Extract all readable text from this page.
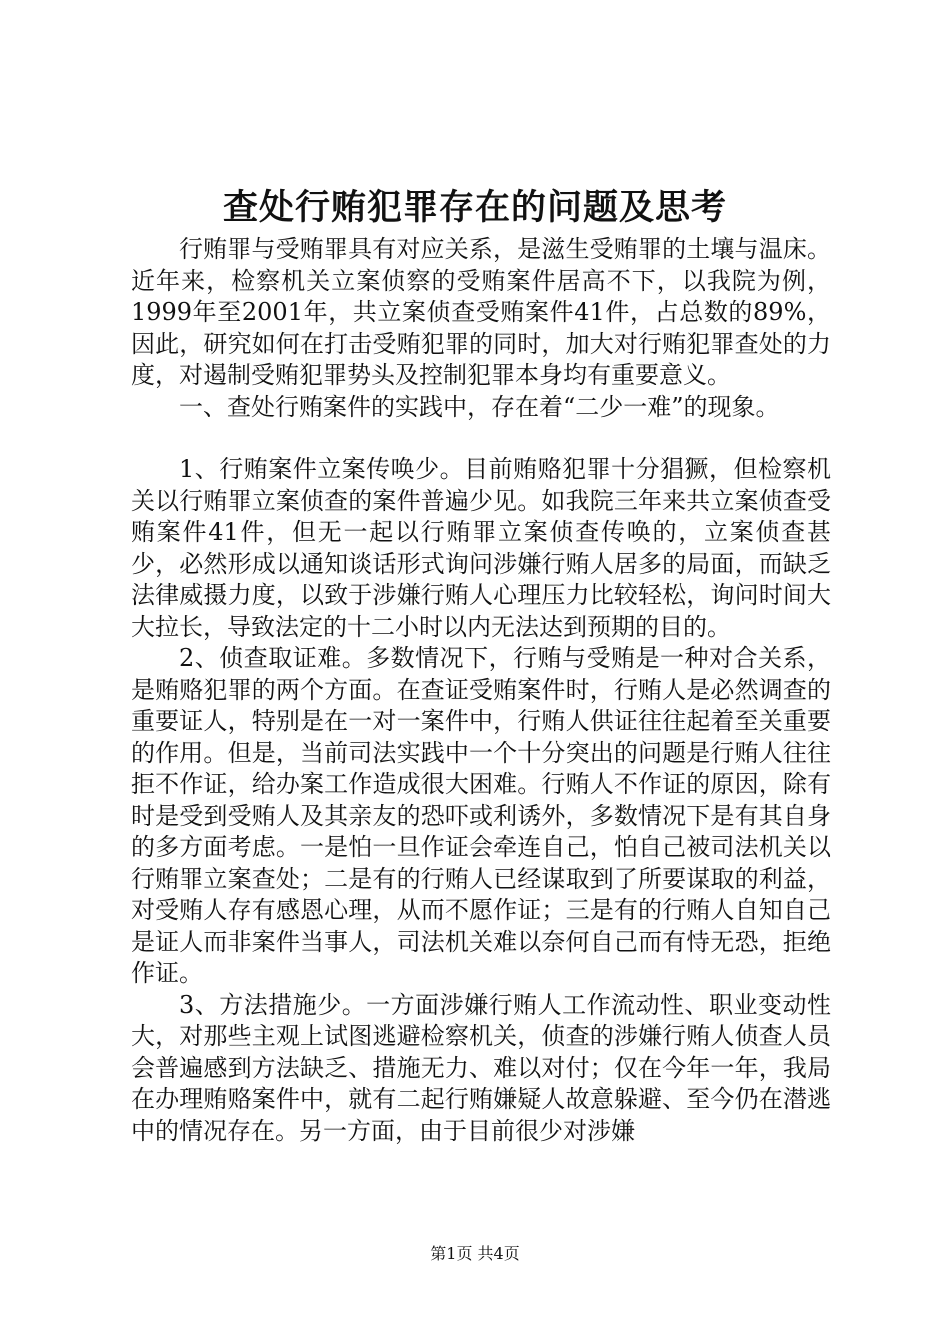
查处行贿犯罪存在的问题及思考

行贿罪与受贿罪具有对应关系，是滋生受贿罪的土壤与温床。近年来，检察机关立案侦察的受贿案件居高不下，以我院为例，1999年至2001年，共立案侦查受贿案件41件，占总数的89%，因此，研究如何在打击受贿犯罪的同时，加大对行贿犯罪查处的力度，对遏制受贿犯罪势头及控制犯罪本身均有重要意义。

一、查处行贿案件的实践中，存在着“二少一难”的现象。

1、行贿案件立案传唤少。目前贿赂犯罪十分猖獗，但检察机关以行贿罪立案侦查的案件普遍少见。如我院三年来共立案侦查受贿案件41件，但无一起以行贿罪立案侦查传唤的，立案侦查甚少，必然形成以通知谈话形式询问涉嫌行贿人居多的局面，而缺乏法律威摄力度，以致于涉嫌行贿人心理压力比较轻松，询问时间大大拉长，导致法定的十二小时以内无法达到预期的目的。

2、侦查取证难。多数情况下，行贿与受贿是一种对合关系，是贿赂犯罪的两个方面。在查证受贿案件时，行贿人是必然调查的重要证人，特别是在一对一案件中，行贿人供证往往起着至关重要的作用。但是，当前司法实践中一个十分突出的问题是行贿人往往拒不作证，给办案工作造成很大困难。行贿人不作证的原因，除有时是受到受贿人及其亲友的恐吓或利诱外，多数情况下是有其自身的多方面考虑。一是怕一旦作证会牵连自己，怕自己被司法机关以行贿罪立案查处；二是有的行贿人已经谋取到了所要谋取的利益，对受贿人存有感恩心理，从而不愿作证；三是有的行贿人自知自己是证人而非案件当事人，司法机关难以奈何自己而有恃无恐，拒绝作证。

3、方法措施少。一方面涉嫌行贿人工作流动性、职业变动性大，对那些主观上试图逃避检察机关，侦查的涉嫌行贿人侦查人员会普遍感到方法缺乏、措施无力、难以对付；仅在今年一年，我局在办理贿赂案件中，就有二起行贿嫌疑人故意躲避、至今仍在潜逃中的情况存在。另一方面，由于目前很少对涉嫌

第1页 共4页
